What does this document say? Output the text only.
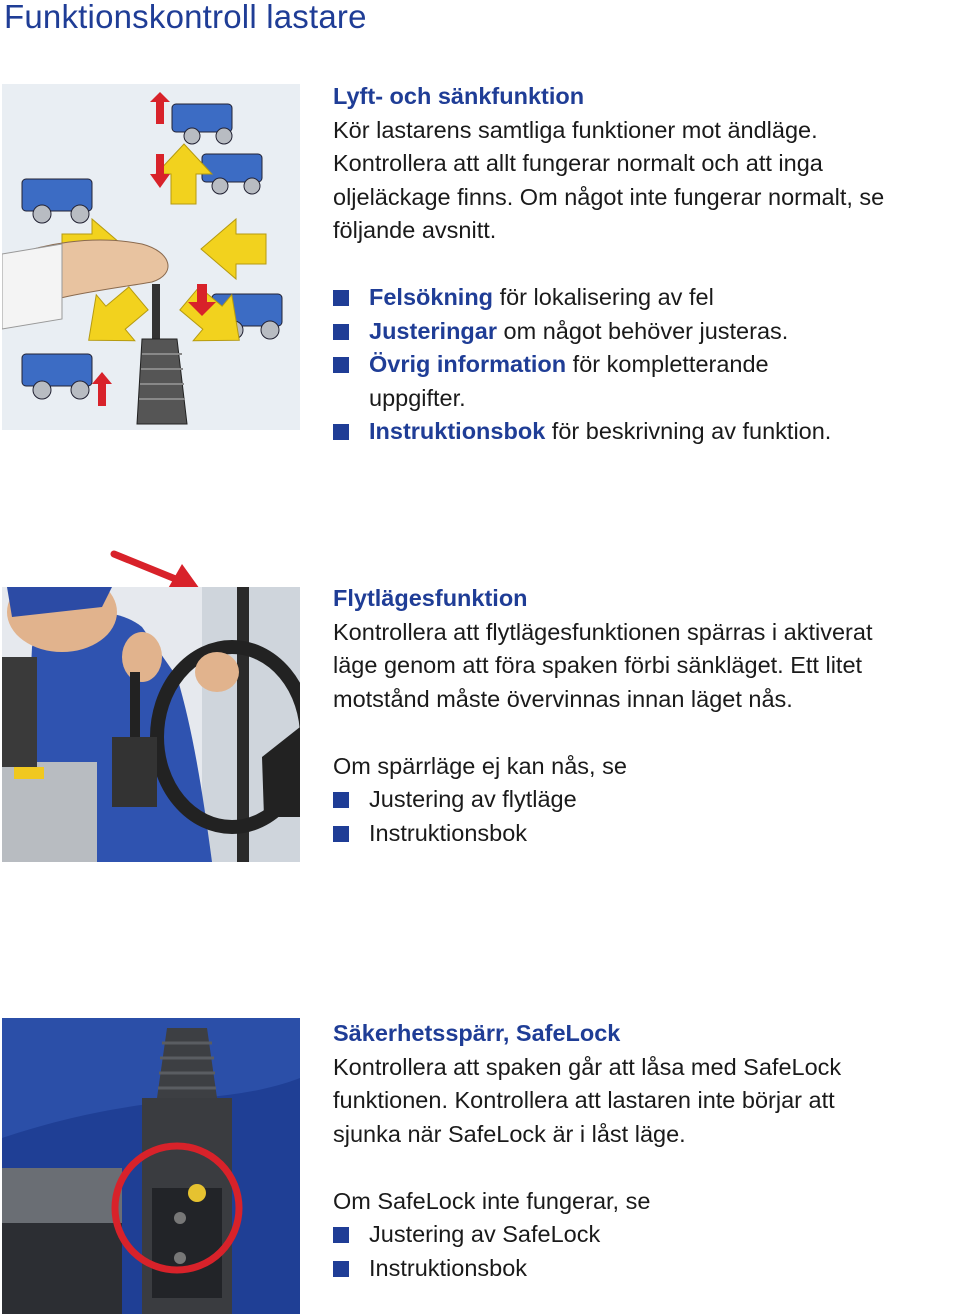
Funktionskontroll lastare
Lyft- och sänkfunktion

Kör lastarens samtliga funktioner mot ändläge.

Kontrollera att allt fungerar normalt och att inga

oljeläckage finns. Om något inte fungerar normalt, se

följande avsnitt.

Felsökning för lokalisering av fel
Justeringar om något behöver justeras.
Övrig information för kompletterande
uppgifter.
Instruktionsbok för beskrivning av funktion.
Flytlägesfunktion

Kontrollera att flytlägesfunktionen spärras i aktiverat

läge genom att föra spaken förbi sänkläget. Ett litet

motstånd måste övervinnas innan läget nås.

Om spärrläge ej kan nås, se

Justering av flytläge
Instruktionsbok
Säkerhetsspärr, SafeLock

Kontrollera att spaken går att låsa med SafeLock

funktionen. Kontrollera att lastaren inte börjar att

sjunka när SafeLock är i låst läge.

Om SafeLock inte fungerar, se

Justering av SafeLock
Instruktionsbok
